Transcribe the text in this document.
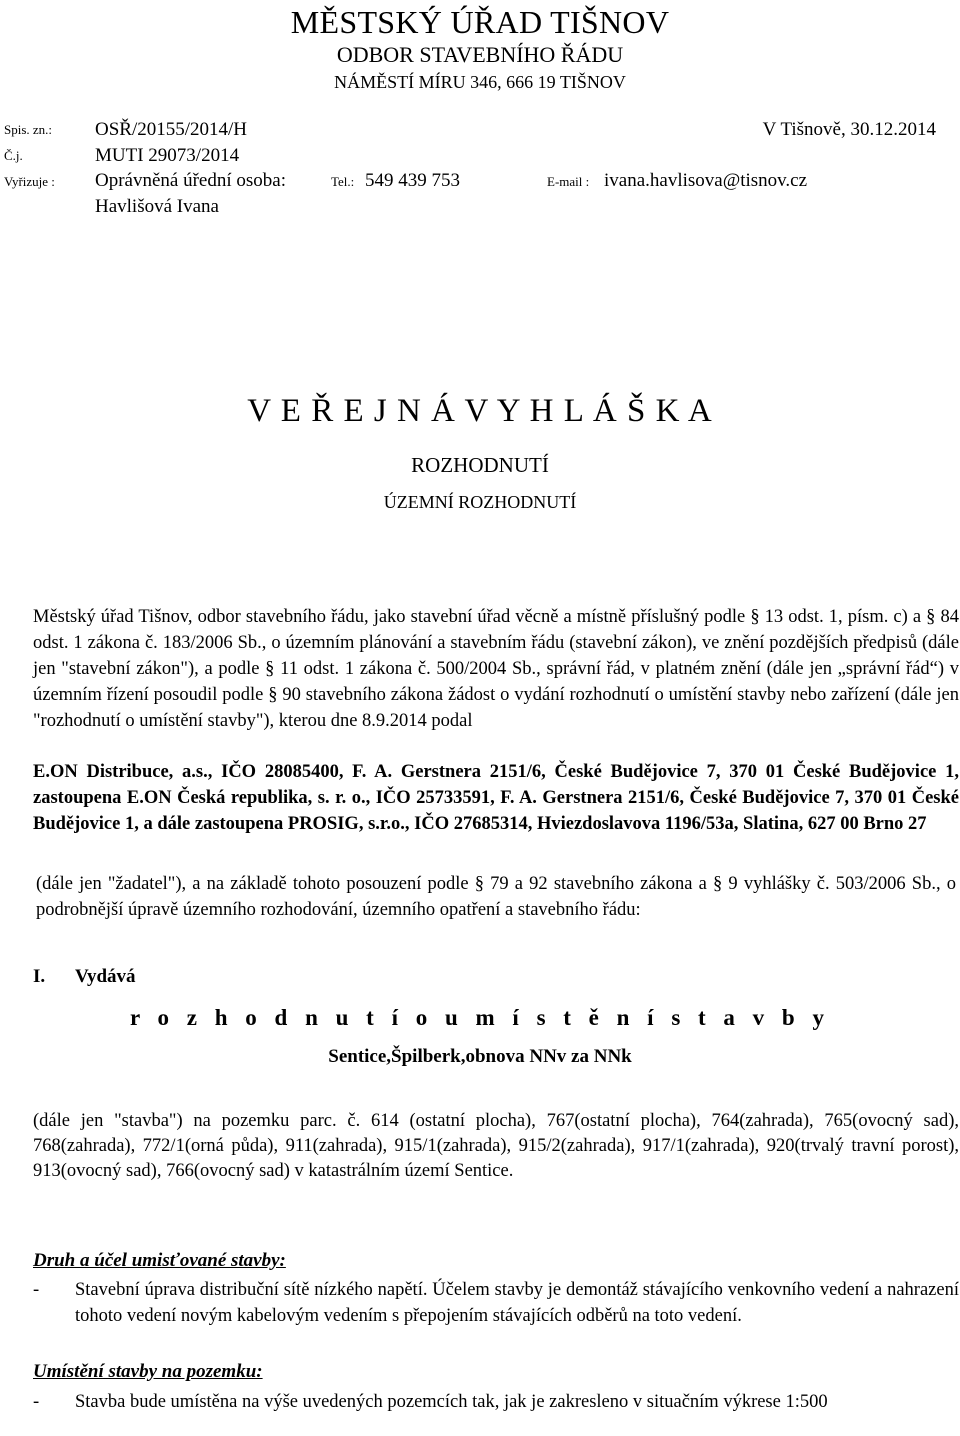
MĚSTSKÝ ÚŘAD TIŠNOV
ODBOR STAVEBNÍHO ŘÁDU
NÁMĚSTÍ MÍRU 346, 666 19 TIŠNOV
Spis. zn.: OSŘ/20155/2014/H	V Tišnově, 30.12.2014
Č.j.	MUTI 29073/2014
Vyřizuje : Oprávněná úřední osoba:	Tel.: 549 439 753	E-mail : ivana.havlisova@tisnov.cz
Havlišová Ivana
V E Ř E J N Á V Y H L Á Š K A
ROZHODNUTÍ
ÚZEMNÍ ROZHODNUTÍ
Městský úřad Tišnov, odbor stavebního řádu, jako stavební úřad věcně a místně příslušný podle § 13 odst. 1, písm. c) a § 84 odst. 1 zákona č. 183/2006 Sb., o územním plánování a stavebním řádu (stavební zákon), ve znění pozdějších předpisů (dále jen "stavební zákon"), a podle § 11 odst. 1 zákona č. 500/2004 Sb., správní řád, v platném znění (dále jen „správní řád“) v územním řízení posoudil podle § 90 stavebního zákona žádost o vydání rozhodnutí o umístění stavby nebo zařízení (dále jen "rozhodnutí o umístění stavby"), kterou dne 8.9.2014 podal
E.ON Distribuce, a.s., IČO 28085400, F. A. Gerstnera 2151/6, České Budějovice 7, 370 01 České Budějovice 1, zastoupena E.ON Česká republika, s. r. o., IČO 25733591, F. A. Gerstnera 2151/6, České Budějovice 7, 370 01 České Budějovice 1, a dále zastoupena PROSIG, s.r.o., IČO 27685314, Hviezdoslavova 1196/53a, Slatina, 627 00 Brno 27
(dále jen "žadatel"), a na základě tohoto posouzení podle § 79 a 92 stavebního zákona a § 9 vyhlášky č. 503/2006 Sb., o podrobnější úpravě územního rozhodování, územního opatření a stavebního řádu:
I. Vydává
r o z h o d n u t í o u m í s t ě n í s t a v b y
Sentice,Špilberk,obnova NNv za NNk
(dále jen "stavba") na pozemku parc. č. 614 (ostatní plocha), 767(ostatní plocha), 764(zahrada), 765(ovocný sad), 768(zahrada), 772/1(orná půda), 911(zahrada), 915/1(zahrada), 915/2(zahrada), 917/1(zahrada), 920(trvalý travní porost), 913(ovocný sad), 766(ovocný sad) v katastrálním území Sentice.
Druh a účel umisťované stavby:
- Stavební úprava distribuční sítě nízkého napětí. Účelem stavby je demontáž stávajícího venkovního vedení a nahrazení tohoto vedení novým kabelovým vedením s přepojením stávajících odběrů na toto vedení.
Umístění stavby na pozemku:
- Stavba bude umístěna na výše uvedených pozemcích tak, jak je zakresleno v situačním výkrese 1:500
